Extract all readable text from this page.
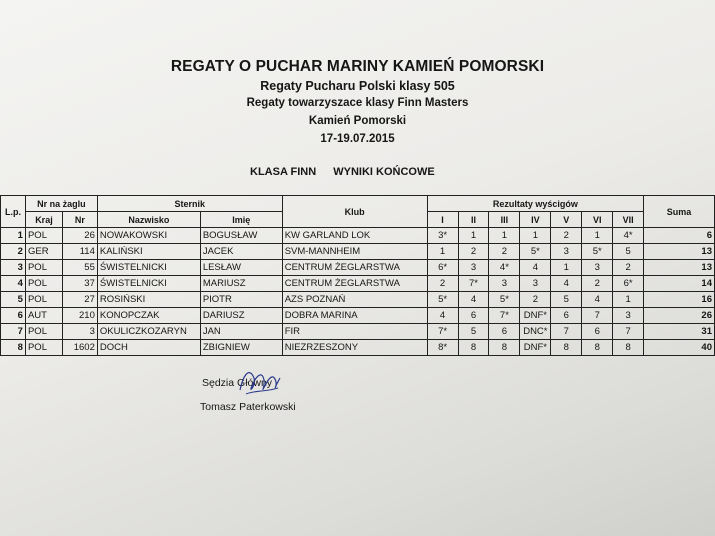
REGATY O PUCHAR MARINY KAMIEŃ POMORSKI
Regaty Pucharu Polski klasy 505
Regaty towarzyszace klasy Finn Masters
Kamień Pomorski
17-19.07.2015
KLASA FINN WYNIKI KOŃCOWE
L.p.	Nr na żaglu		Sternik		Klub	Rezultaty wyścigów							Suma
	Kraj	Nr	Nazwisko	Imię		I	II	III	IV	V	VI	VII	
1	POL	26	NOWAKOWSKI	BOGUSŁAW	KW GARLAND LOK	3*	1	1	1	2	1	4*	6
2	GER	114	KALIŃSKI	JACEK	SVM-MANNHEIM	1	2	2	5*	3	5*	5	13
3	POL	55	ŚWISTELNICKI	LESŁAW	CENTRUM ŻEGLARSTWA	6*	3	4*	4	1	3	2	13
4	POL	37	ŚWISTELNICKI	MARIUSZ	CENTRUM ŻEGLARSTWA	2	7*	3	3	4	2	6*	14
5	POL	27	ROSIŃSKI	PIOTR	AZS POZNAŃ	5*	4	5*	2	5	4	1	16
6	AUT	210	KONOPCZAK	DARIUSZ	DOBRA MARINA	4	6	7*	DNF*	6	7	3	26
7	POL	3	OKULICZKOZARYN	JAN	FIR	7*	5	6	DNC*	7	6	7	31
8	POL	1602	DOCH	ZBIGNIEW	NIEZRZESZONY	8*	8	8	DNF*	8	8	8	40
Sędzia Główny
Tomasz Paterkowski
